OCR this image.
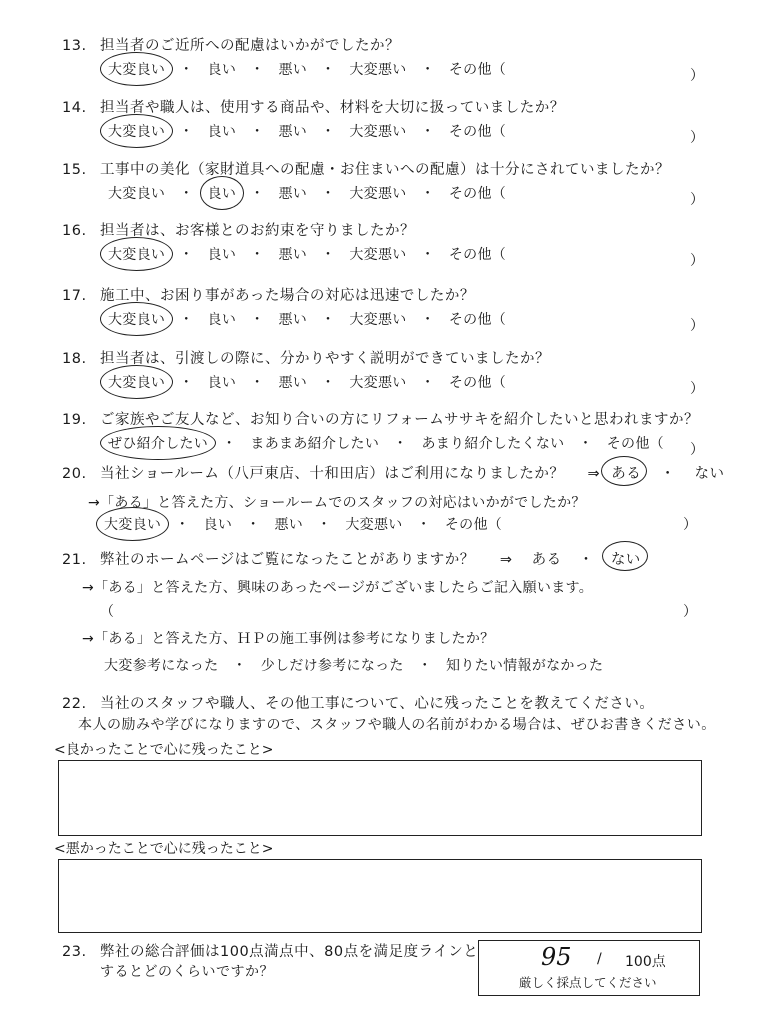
13. 担当者のご近所への配慮はいかがでしたか？
大変良い ・ 良い ・ 悪い ・ 大変悪い ・ その他（	）
14. 担当者や職人は、使用する商品や、材料を大切に扱っていましたか？
大変良い ・ 良い ・ 悪い ・ 大変悪い ・ その他（	）
15. 工事中の美化（家財道具への配慮・お住まいへの配慮）は十分にされていましたか？
大変良い ・ 良い ・ 悪い ・ 大変悪い ・ その他（	）
16. 担当者は、お客様とのお約束を守りましたか？
大変良い ・ 良い ・ 悪い ・ 大変悪い ・ その他（	）
17. 施工中、お困り事があった場合の対応は迅速でしたか？
大変良い ・ 良い ・ 悪い ・ 大変悪い ・ その他（	）
18. 担当者は、引渡しの際に、分かりやすく説明ができていましたか？
大変良い ・ 良い ・ 悪い ・ 大変悪い ・ その他（	）
19. ご家族やご友人など、お知り合いの方にリフォームササキを紹介したいと思われますか？
ぜひ紹介したい ・ まあまあ紹介したい ・ あまり紹介したくない ・ その他（ ）
20. 当社ショールーム（八戸東店、十和田店）はご利用になりましたか？ ⇒ ある ・ ない
→「ある」と答えた方、ショールームでのスタッフの対応はいかがでしたか？
大変良い ・ 良い ・ 悪い ・ 大変悪い ・ その他（	）
21. 弊社のホームページはご覧になったことがありますか？ ⇒ ある ・ ない
→「ある」と答えた方、興味のあったページがございましたらご記入願います。
（	）
→「ある」と答えた方、ＨＰの施工事例は参考になりましたか？
大変参考になった ・ 少しだけ参考になった ・ 知りたい情報がなかった
22. 当社のスタッフや職人、その他工事について、心に残ったことを教えてください。
本人の励みや学びになりますので、スタッフや職人の名前がわかる場合は、ぜひお書きください。
<良かったことで心に残ったこと>
<悪かったことで心に残ったこと>
23. 弊社の総合評価は100点満点中、80点を満足度ラインと
するとどのくらいですか？
95 / 100点
厳しく採点してください
